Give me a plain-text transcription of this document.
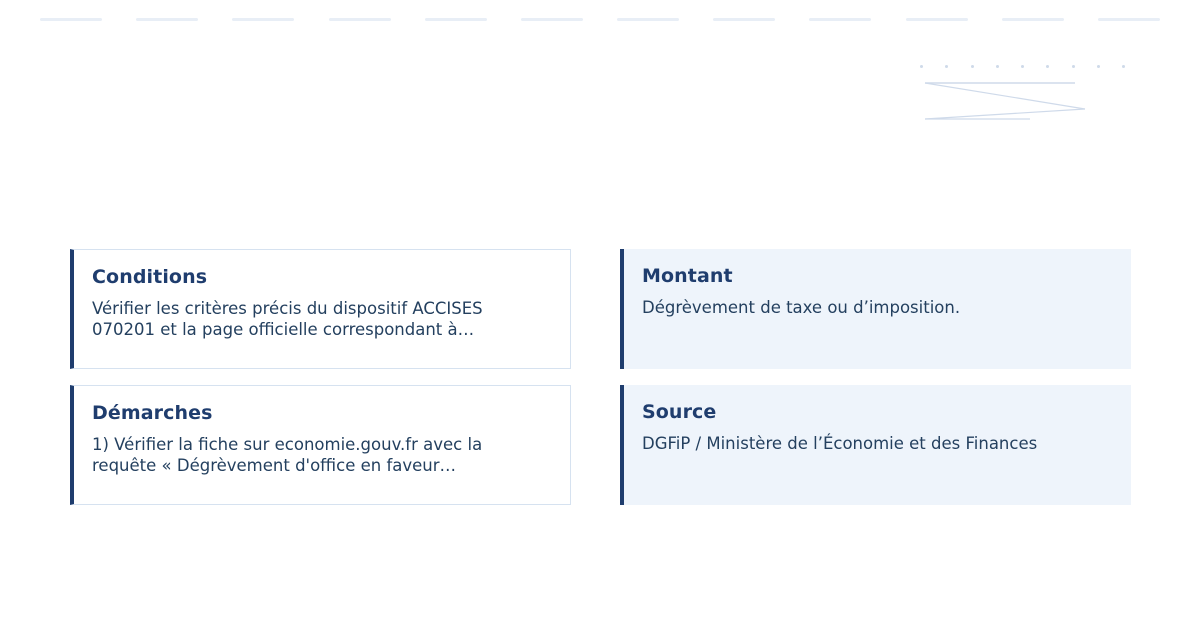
Conditions

Vérifier les critères précis du dispositif ACCISES 070201 et la page officielle correspondant à…

Montant

Dégrèvement de taxe ou d’imposition.

Démarches

1) Vérifier la fiche sur economie.gouv.fr avec la requête « Dégrèvement d'office en faveur…

Source

DGFiP / Ministère de l’Économie et des Finances
